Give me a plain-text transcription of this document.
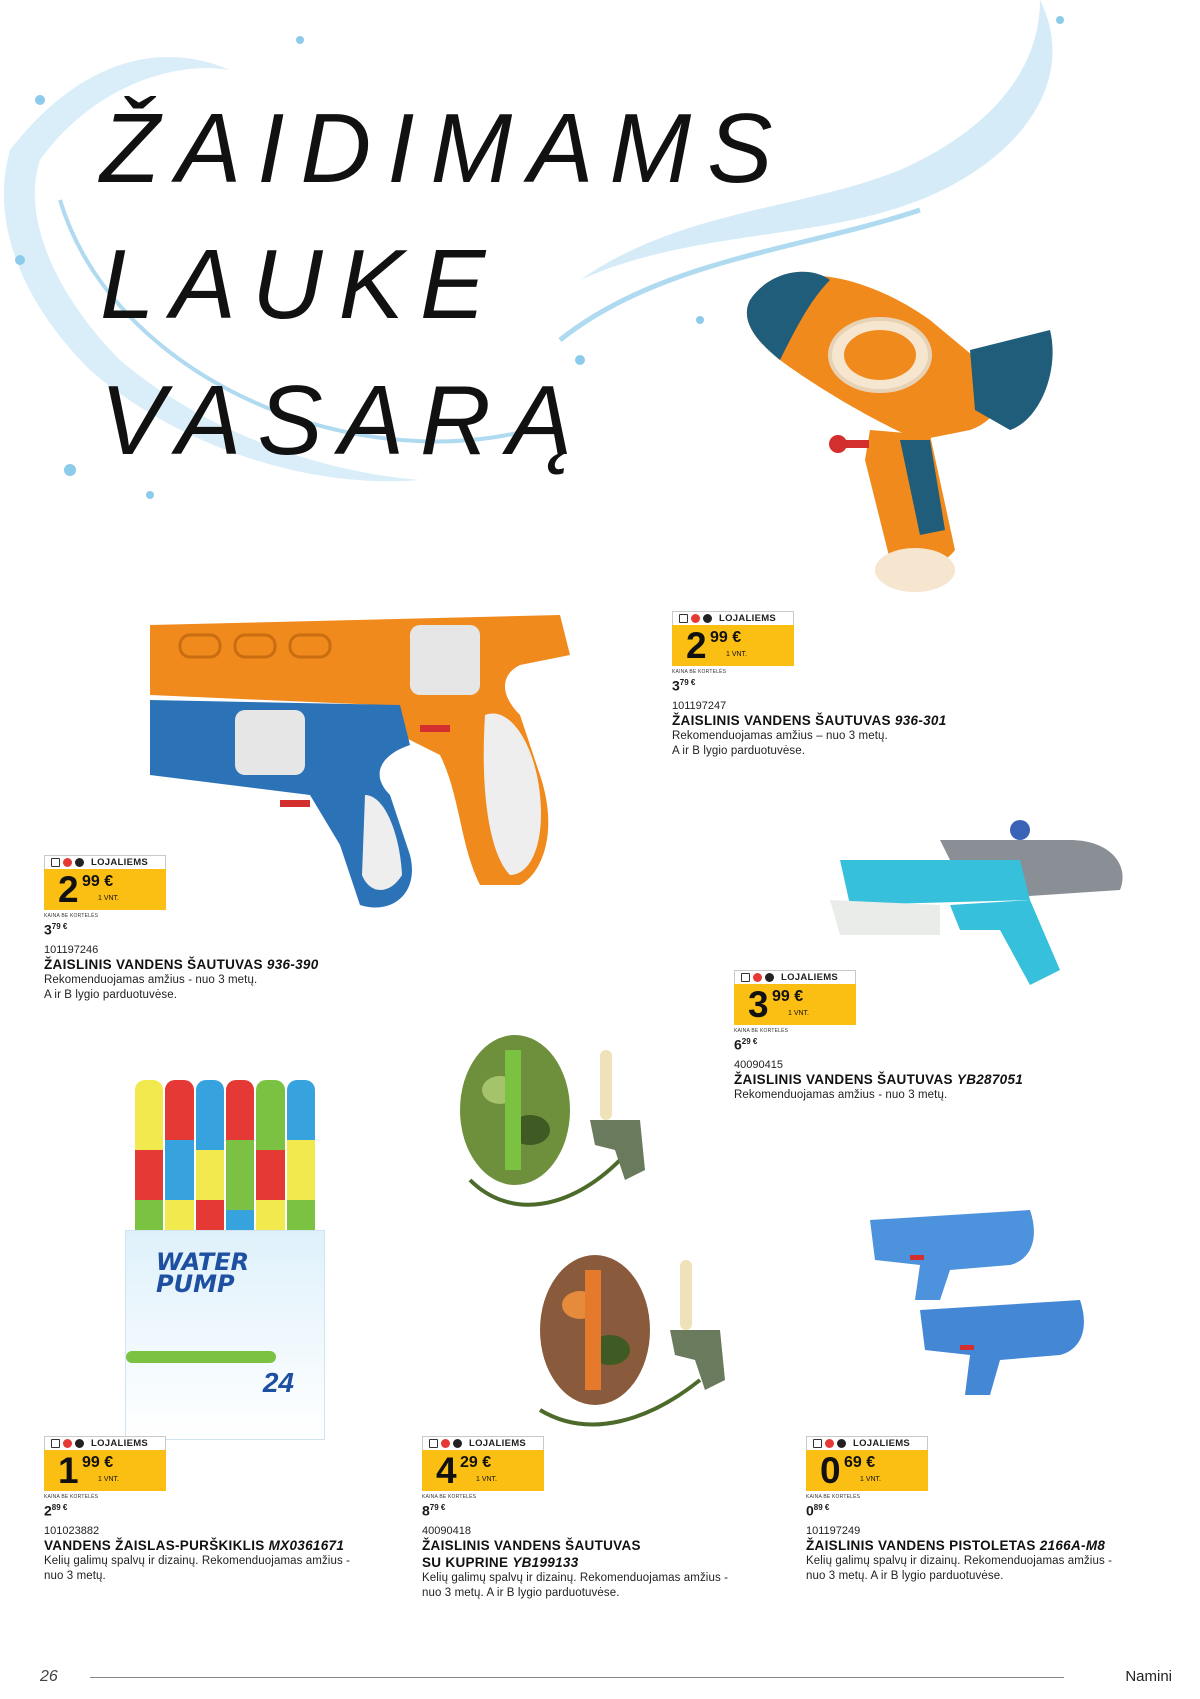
ŽAIDIMAMS
LAUKE
VASARĄ
WATER
PUMP
24
LOJALIEMS
2 99 €
1 VNT.
KAINA BE KORTELĖS
$3^{79 €}$
101197247
ŽAISLINIS VANDENS ŠAUTUVAS 936-301
Rekomenduojamas amžius – nuo 3 metų.
A ir B lygio parduotuvėse.
LOJALIEMS
2 99 €
1 VNT.
KAINA BE KORTELĖS
$3^{79 €}$
101197246
ŽAISLINIS VANDENS ŠAUTUVAS 936-390
Rekomenduojamas amžius - nuo 3 metų.
A ir B lygio parduotuvėse.
LOJALIEMS
3 99 €
1 VNT.
KAINA BE KORTELĖS
$6^{29 €}$
40090415
ŽAISLINIS VANDENS ŠAUTUVAS YB287051
Rekomenduojamas amžius - nuo 3 metų.
LOJALIEMS
1 99 €
1 VNT.
KAINA BE KORTELĖS
$2^{89 €}$
101023882
VANDENS ŽAISLAS-PURŠKIKLIS MX0361671
Kelių galimų spalvų ir dizainų. Rekomenduojamas amžius -
nuo 3 metų.
LOJALIEMS
4 29 €
1 VNT.
KAINA BE KORTELĖS
$8^{79 €}$
40090418
ŽAISLINIS VANDENS ŠAUTUVAS
SU KUPRINE YB199133
Kelių galimų spalvų ir dizainų. Rekomenduojamas amžius -
nuo 3 metų. A ir B lygio parduotuvėse.
LOJALIEMS
0 69 €
1 VNT.
KAINA BE KORTELĖS
$0^{89 €}$
101197249
ŽAISLINIS VANDENS PISTOLETAS 2166A-M8
Kelių galimų spalvų ir dizainų. Rekomenduojamas amžius -
nuo 3 metų. A ir B lygio parduotuvėse.
26	Namini
